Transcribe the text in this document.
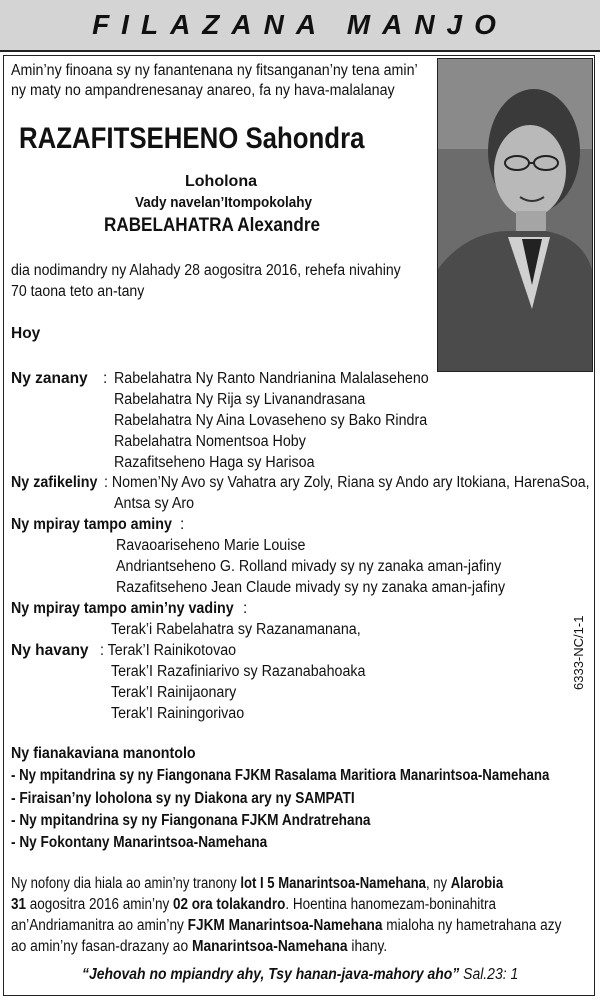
FILAZANA MANJO
Amin’ny finoana sy ny fanantenana ny fitsanganan’ny tena amin’
ny maty no ampandrenesanay anareo, fa ny hava-malalanay
RAZAFITSEHENO Sahondra
Loholona
Vady navelan’Itompokolahy
RABELAHATRA Alexandre
dia nodimandry ny Alahady 28 aogositra 2016, rehefa nivahiny
70 taona teto an-tany
Hoy
Ny zanany : Rabelahatra Ny Ranto Nandrianina Malalaseheno
Rabelahatra Ny Rija sy Livanandrasana
Rabelahatra Ny Aina Lovaseheno sy Bako Rindra
Rabelahatra Nomentsoa Hoby
Razafitseheno Haga sy Harisoa
Ny zafikeliny : Nomen’Ny Avo sy Vahatra ary Zoly, Riana sy Ando ary Itokiana, HarenaSoa,
Antsa sy Aro
Ny mpiray tampo aminy :
Ravaoariseheno Marie Louise
Andriantseheno G. Rolland mivady sy ny zanaka aman-jafiny
Razafitseheno Jean Claude mivady sy ny zanaka aman-jafiny
Ny mpiray tampo amin’ny vadiny :
Terak’i Rabelahatra sy Razanamanana,
Ny havany : Terak’I Rainikotovao
Terak’I Razafiniarivo sy Razanabahoaka
Terak’I Rainijaonary
Terak’I Rainingorivao
6333-NC/1-1
Ny fianakaviana manontolo
- Ny mpitandrina sy ny Fiangonana FJKM Rasalama Maritiora Manarintsoa-Namehana
- Firaisan’ny loholona sy ny Diakona ary ny SAMPATI
- Ny mpitandrina sy ny Fiangonana FJKM Andratrehana
- Ny Fokontany Manarintsoa-Namehana
Ny nofony dia hiala ao amin’ny tranony lot I 5 Manarintsoa-Namehana, ny Alarobia
31 aogositra 2016 amin’ny 02 ora tolakandro. Hoentina hanomezam-boninahitra
an’Andriamanitra ao amin’ny FJKM Manarintsoa-Namehana mialoha ny hametrahana azy
ao amin’ny fasan-drazany ao Manarintsoa-Namehana ihany.
“Jehovah no mpiandry ahy, Tsy hanan-java-mahory aho” Sal.23: 1
